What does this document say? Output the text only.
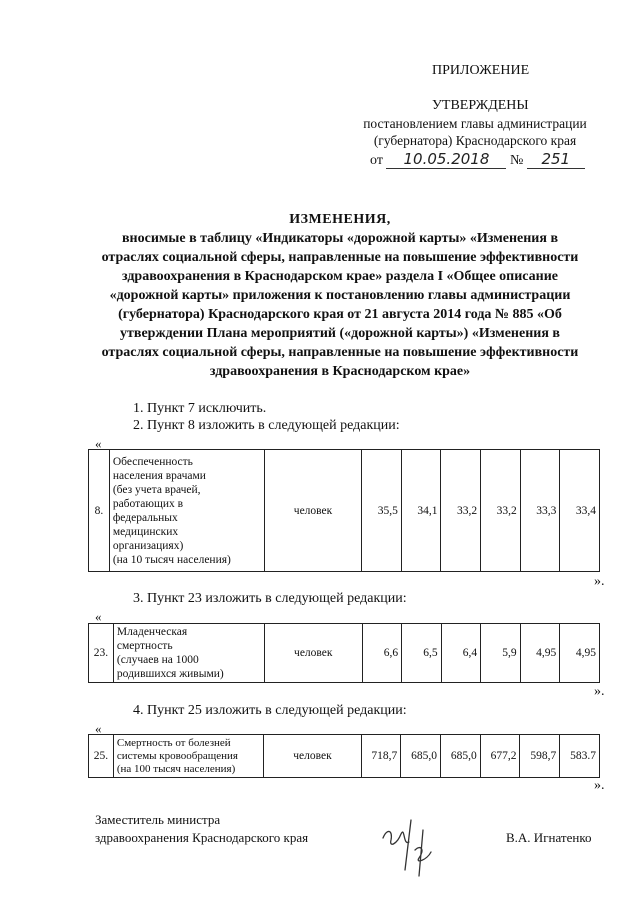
ПРИЛОЖЕНИЕ
УТВЕРЖДЕНЫ
постановлением главы администрации
(губернатора) Краснодарского края
от 10.05.2018 № 251
ИЗМЕНЕНИЯ,
вносимые в таблицу «Индикаторы «дорожной карты» «Изменения в
отраслях социальной сферы, направленные на повышение эффективности
здравоохранения в Краснодарском крае» раздела I «Общее описание
«дорожной карты» приложения к постановлению главы администрации
(губернатора) Краснодарского края от 21 августа 2014 года № 885 «Об
утверждении Плана мероприятий («дорожной карты») «Изменения в
отраслях социальной сферы, направленные на повышение эффективности
здравоохранения в Краснодарском крае»
1. Пункт 7 исключить.
2. Пункт 8 изложить в следующей редакции:
«
8.	
Обеспеченность
населения врачами
(без учета врачей,
работающих в
федеральных
медицинских
организациях)
(на 10 тысяч населения)
	человек	35,5	34,1	33,2	33,2	33,3	33,4
».
3. Пункт 23 изложить в следующей редакции:
«
23.	
Младенческая
смертность
(случаев на 1000
родившихся живыми)
	человек	6,6	6,5	6,4	5,9	4,95	4,95
».
4. Пункт 25 изложить в следующей редакции:
«
25.	
Смертность от болезней
системы кровообращения
(на 100 тысяч населения)
	человек	718,7	685,0	685,0	677,2	598,7	583.7
».
Заместитель министра
здравоохранения Краснодарского края	В.А. Игнатенко
